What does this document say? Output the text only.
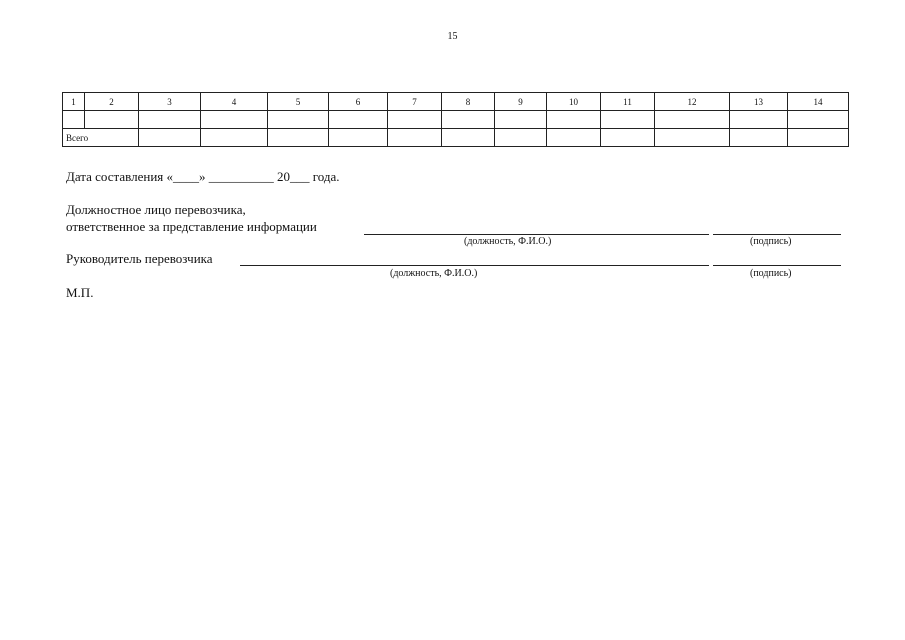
15
1	2	3	4	5	6	7	8	9	10	11	12	13	14

Всего													
Дата составления «____» __________ 20___ года.
Должностное лицо перевозчика,
ответственное за представление информации
(должность, Ф.И.О.)	(подпись)
Руководитель перевозчика
(должность, Ф.И.О.)	(подпись)
М.П.
